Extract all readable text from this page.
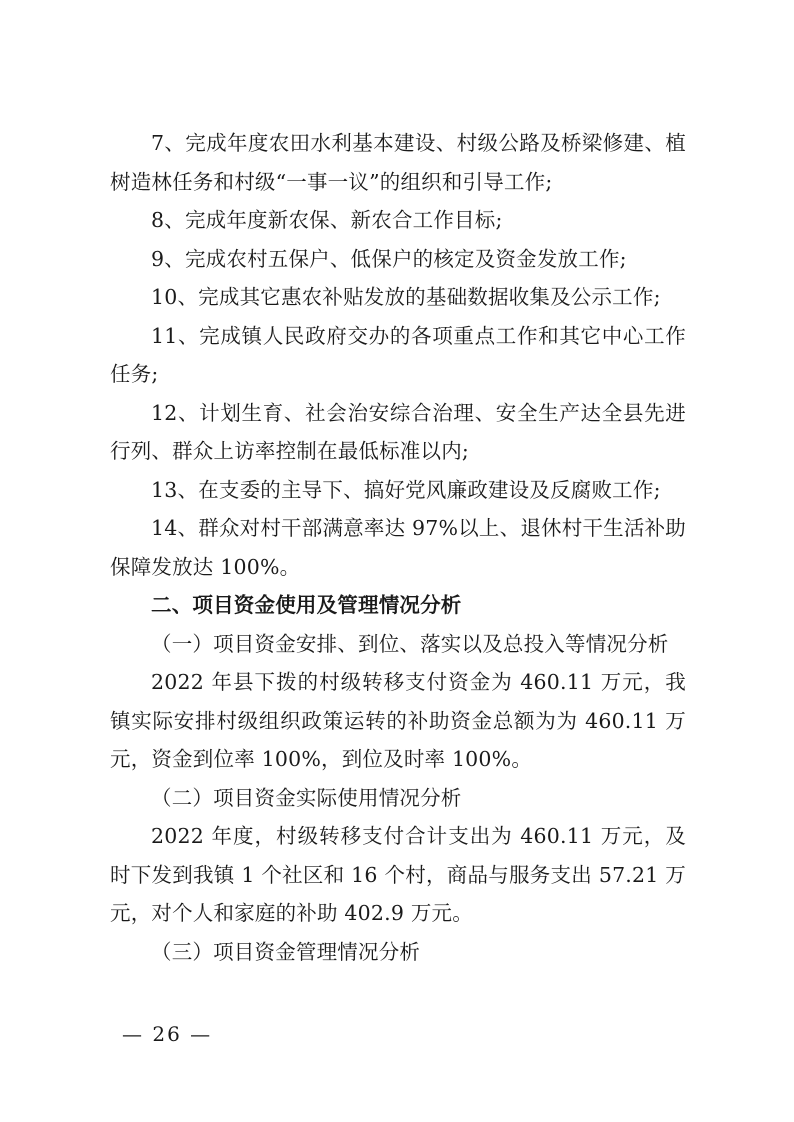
7、完成年度农田水利基本建设、村级公路及桥梁修建、植树造林任务和村级“一事一议”的组织和引导工作;

8、完成年度新农保、新农合工作目标;

9、完成农村五保户、低保户的核定及资金发放工作;

10、完成其它惠农补贴发放的基础数据收集及公示工作;

11、完成镇人民政府交办的各项重点工作和其它中心工作任务;

12、计划生育、社会治安综合治理、安全生产达全县先进行列、群众上访率控制在最低标准以内;

13、在支委的主导下、搞好党风廉政建设及反腐败工作;

14、群众对村干部满意率达 97%以上、退休村干生活补助保障发放达 100%。

二、项目资金使用及管理情况分析

（一）项目资金安排、到位、落实以及总投入等情况分析

2022 年县下拨的村级转移支付资金为 460.11 万元，我镇实际安排村级组织政策运转的补助资金总额为为 460.11 万元，资金到位率 100%，到位及时率 100%。

（二）项目资金实际使用情况分析

2022 年度，村级转移支付合计支出为 460.11 万元，及时下发到我镇 1 个社区和 16 个村，商品与服务支出 57.21 万元，对个人和家庭的补助 402.9 万元。

（三）项目资金管理情况分析

— 26 —
